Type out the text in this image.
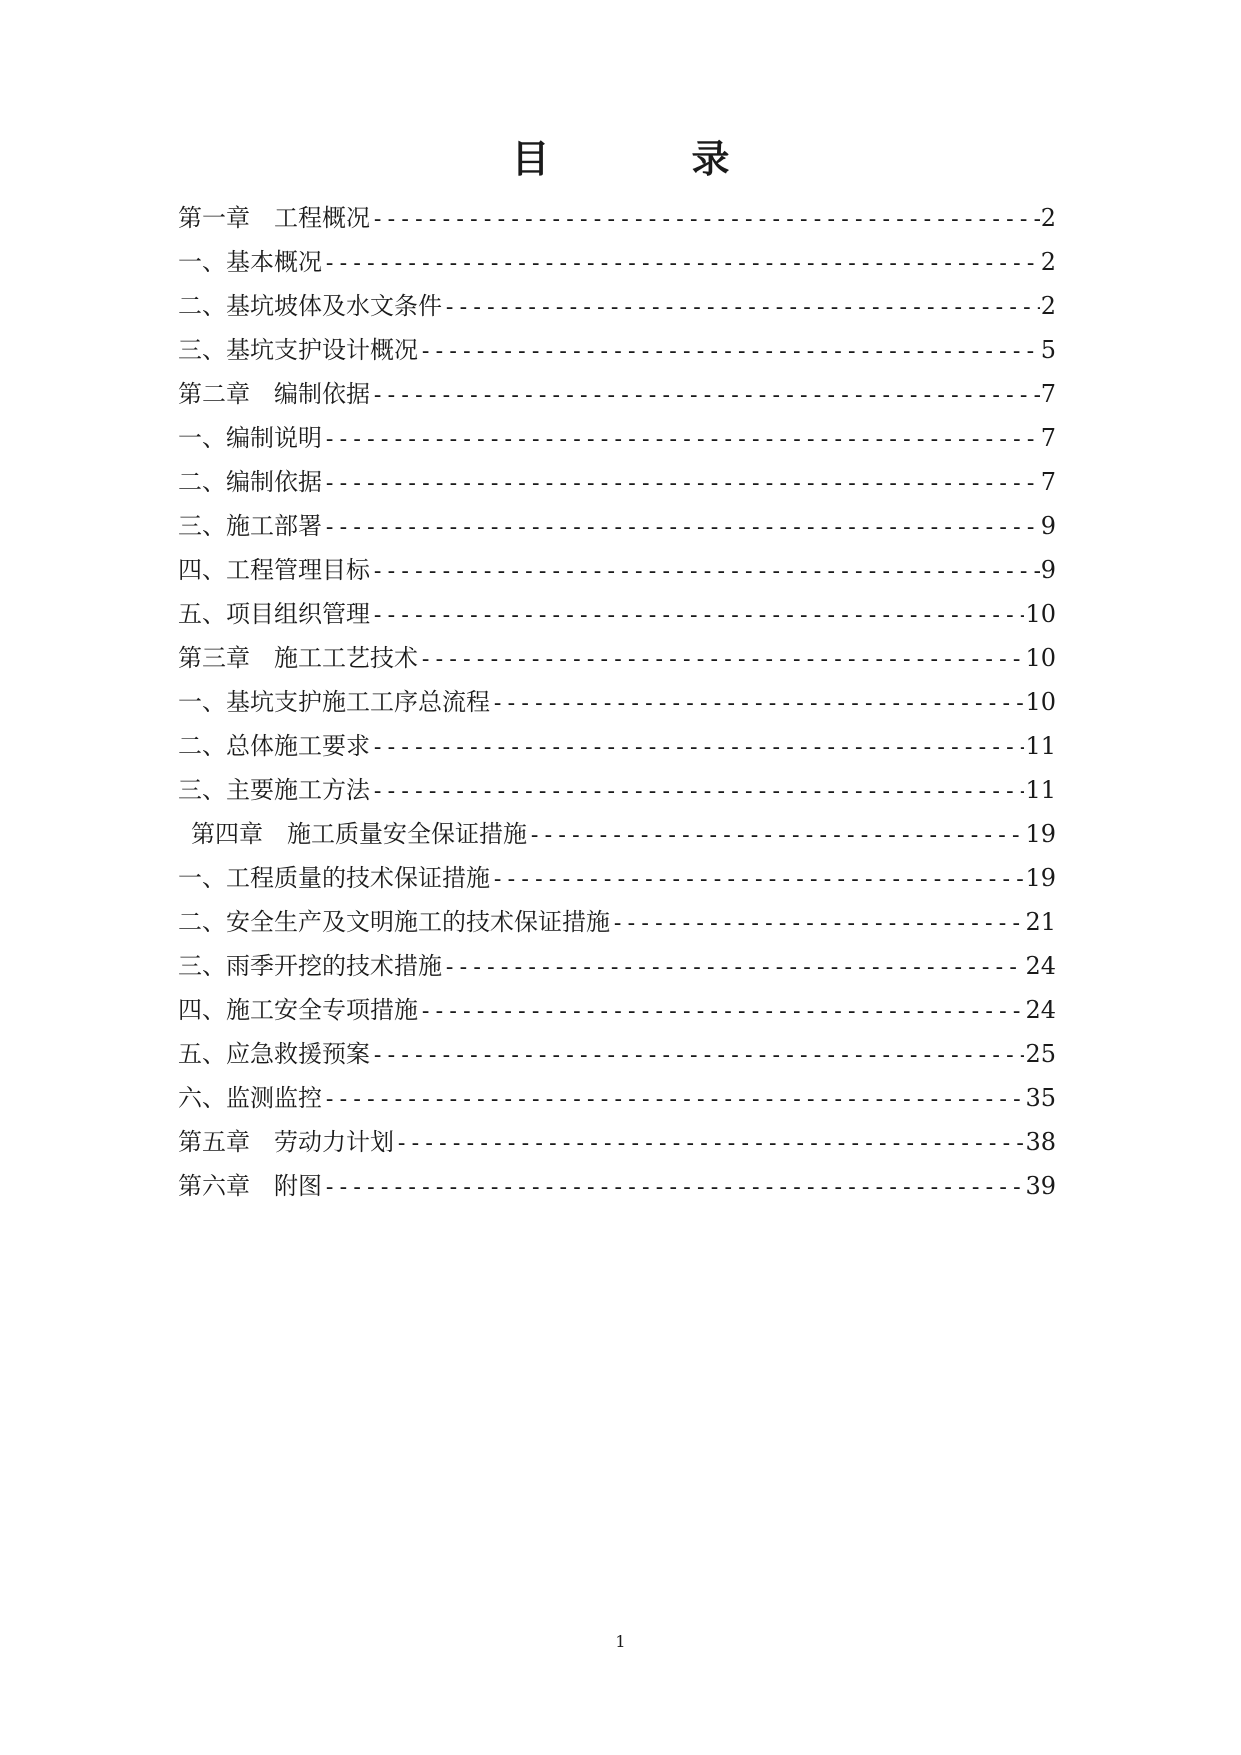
目　录
第一章　工程概况 -----	2
一、基本概况 -----	2
二、基坑坡体及水文条件 -----	2
三、基坑支护设计概况 -----	5
第二章　编制依据 -----	7
一、编制说明 -----	7
二、编制依据 -----	7
三、施工部署 -----	9
四、工程管理目标 -----	9
五、项目组织管理 -----	10
第三章　施工工艺技术 -----	10
一、基坑支护施工工序总流程 -----	10
二、总体施工要求 -----	11
三、主要施工方法 -----	11
第四章　施工质量安全保证措施 -----	19
一、工程质量的技术保证措施 -----	19
二、安全生产及文明施工的技术保证措施 -----	21
三、雨季开挖的技术措施 -----	24
四、施工安全专项措施 -----	24
五、应急救援预案 -----	25
六、监测监控 -----	35
第五章　劳动力计划 -----	38
第六章　附图 -----	39
1
